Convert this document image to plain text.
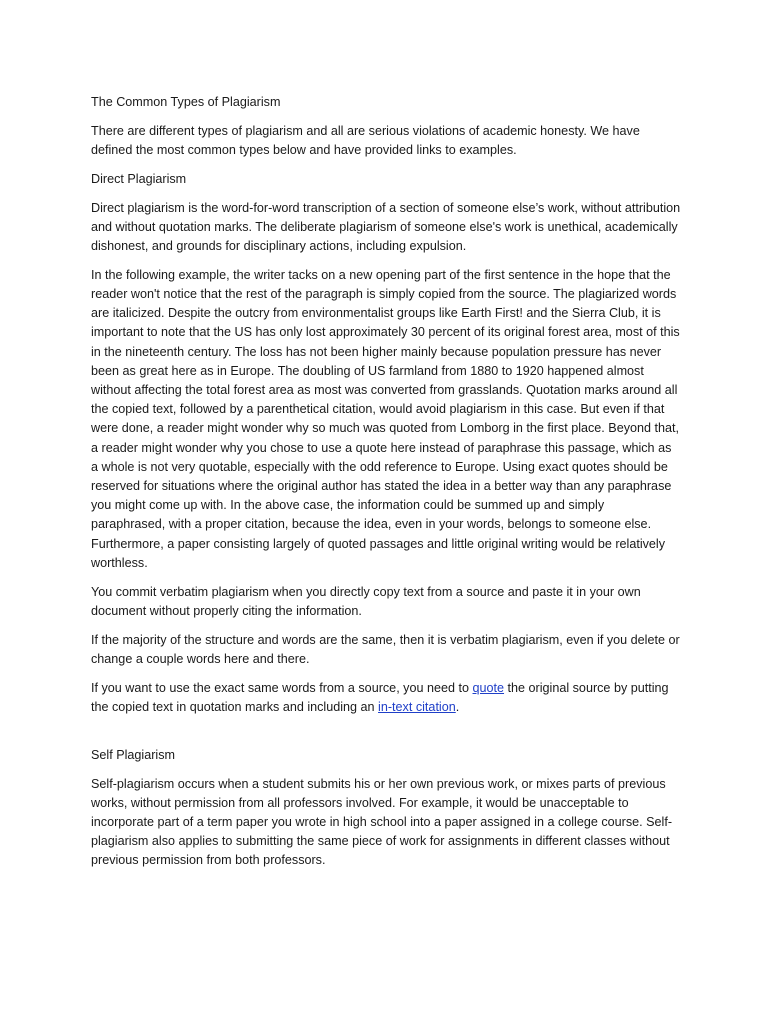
The Common Types of Plagiarism

There are different types of plagiarism and all are serious violations of academic honesty. We have defined the most common types below and have provided links to examples.

Direct Plagiarism

Direct plagiarism is the word-for-word transcription of a section of someone else’s work, without attribution and without quotation marks. The deliberate plagiarism of someone else's work is unethical, academically dishonest, and grounds for disciplinary actions, including expulsion.

In the following example, the writer tacks on a new opening part of the first sentence in the hope that the reader won't notice that the rest of the paragraph is simply copied from the source. The plagiarized words are italicized. Despite the outcry from environmentalist groups like Earth First! and the Sierra Club, it is important to note that the US has only lost approximately 30 percent of its original forest area, most of this in the nineteenth century. The loss has not been higher mainly because population pressure has never been as great here as in Europe. The doubling of US farmland from 1880 to 1920 happened almost without affecting the total forest area as most was converted from grasslands. Quotation marks around all the copied text, followed by a parenthetical citation, would avoid plagiarism in this case. But even if that were done, a reader might wonder why so much was quoted from Lomborg in the first place. Beyond that, a reader might wonder why you chose to use a quote here instead of paraphrase this passage, which as a whole is not very quotable, especially with the odd reference to Europe. Using exact quotes should be reserved for situations where the original author has stated the idea in a better way than any paraphrase you might come up with. In the above case, the information could be summed up and simply paraphrased, with a proper citation, because the idea, even in your words, belongs to someone else. Furthermore, a paper consisting largely of quoted passages and little original writing would be relatively worthless.

You commit verbatim plagiarism when you directly copy text from a source and paste it in your own document without properly citing the information.

If the majority of the structure and words are the same, then it is verbatim plagiarism, even if you delete or change a couple words here and there.

If you want to use the exact same words from a source, you need to quote the original source by putting the copied text in quotation marks and including an in-text citation.

Self Plagiarism

Self-plagiarism occurs when a student submits his or her own previous work, or mixes parts of previous works, without permission from all professors involved. For example, it would be unacceptable to incorporate part of a term paper you wrote in high school into a paper assigned in a college course. Self-plagiarism also applies to submitting the same piece of work for assignments in different classes without previous permission from both professors.
